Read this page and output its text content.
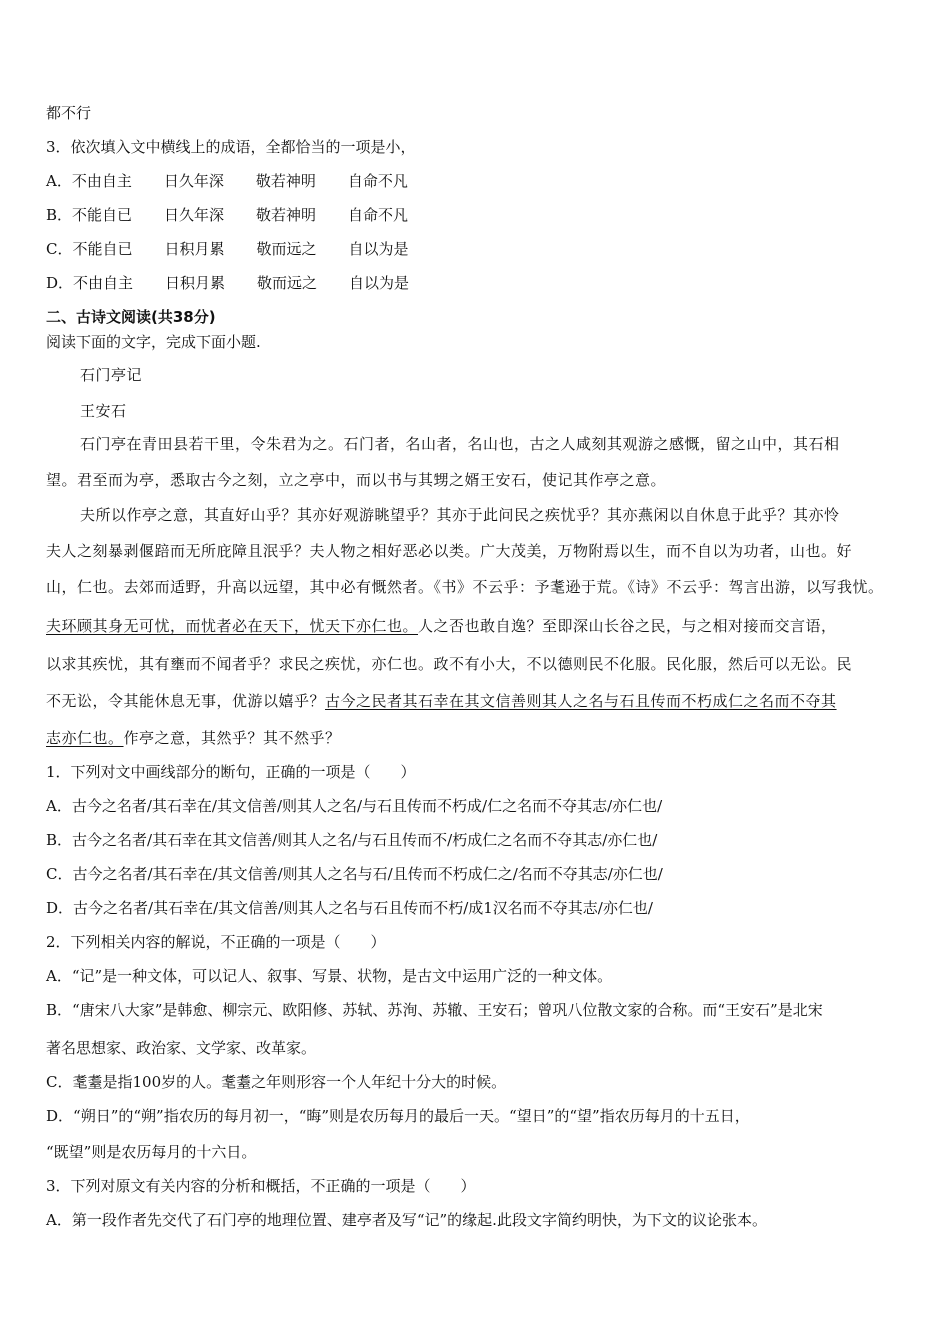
都不行
3．依次填入文中横线上的成语，全都恰当的一项是小，
A．不由自主 日久年深 敬若神明 自命不凡
B．不能自已 日久年深 敬若神明 自命不凡
C．不能自已 日积月累 敬而远之 自以为是
D．不由自主 日积月累 敬而远之 自以为是
二、古诗文阅读(共38分)
阅读下面的文字，完成下面小题.
石门亭记
王安石
石门亭在青田县若干里，令朱君为之。石门者，名山者，名山也，古之人咸刻其观游之感慨，留之山中，其石相
望。君至而为亭，悉取古今之刻，立之亭中，而以书与其甥之婿王安石，使记其作亭之意。
夫所以作亭之意，其直好山乎？其亦好观游眺望乎？其亦于此问民之疾忧乎？其亦燕闲以自休息于此乎？其亦怜
夫人之刻暴剥偃踣而无所庇障且泯乎？夫人物之相好恶必以类。广大茂美，万物附焉以生，而不自以为功者，山也。好
山，仁也。去郊而适野，升高以远望，其中必有慨然者。《书》不云乎：予耄逊于荒。《诗》不云乎：驾言出游，以写我忧。
夫环顾其身无可忧，而忧者必在天下，忧天下亦仁也。人之否也敢自逸？至即深山长谷之民，与之相对接而交言语，
以求其疾忧，其有壅而不闻者乎？求民之疾忧，亦仁也。政不有小大，不以德则民不化服。民化服，然后可以无讼。民
不无讼，令其能休息无事，优游以嬉乎？古今之民者其石幸在其文信善则其人之名与石且传而不朽成仁之名而不夺其
志亦仁也。作亭之意，其然乎？其不然乎？
1．下列对文中画线部分的断句，正确的一项是（　　）
A．古今之名者/其石幸在/其文信善/则其人之名/与石且传而不朽成/仁之名而不夺其志/亦仁也/
B．古今之名者/其石幸在其文信善/则其人之名/与石且传而不/朽成仁之名而不夺其志/亦仁也/
C．古今之名者/其石幸在/其文信善/则其人之名与石/且传而不朽成仁之/名而不夺其志/亦仁也/
D．古今之名者/其石幸在/其文信善/则其人之名与石且传而不朽/成1汉名而不夺其志/亦仁也/
2．下列相关内容的解说，不正确的一项是（　　）
A．“记”是一种文体，可以记人、叙事、写景、状物，是古文中运用广泛的一种文体。
B．“唐宋八大家”是韩愈、柳宗元、欧阳修、苏轼、苏洵、苏辙、王安石；曾巩八位散文家的合称。而“王安石”是北宋
著名思想家、政治家、文学家、改革家。
C．耄耋是指100岁的人。耄耋之年则形容一个人年纪十分大的时候。
D．“朔日”的“朔”指农历的每月初一，“晦”则是农历每月的最后一天。“望日”的“望”指农历每月的十五日，
“既望”则是农历每月的十六日。
3．下列对原文有关内容的分析和概括，不正确的一项是（　　）
A．第一段作者先交代了石门亭的地理位置、建亭者及写“记”的缘起.此段文字简约明快，为下文的议论张本。
